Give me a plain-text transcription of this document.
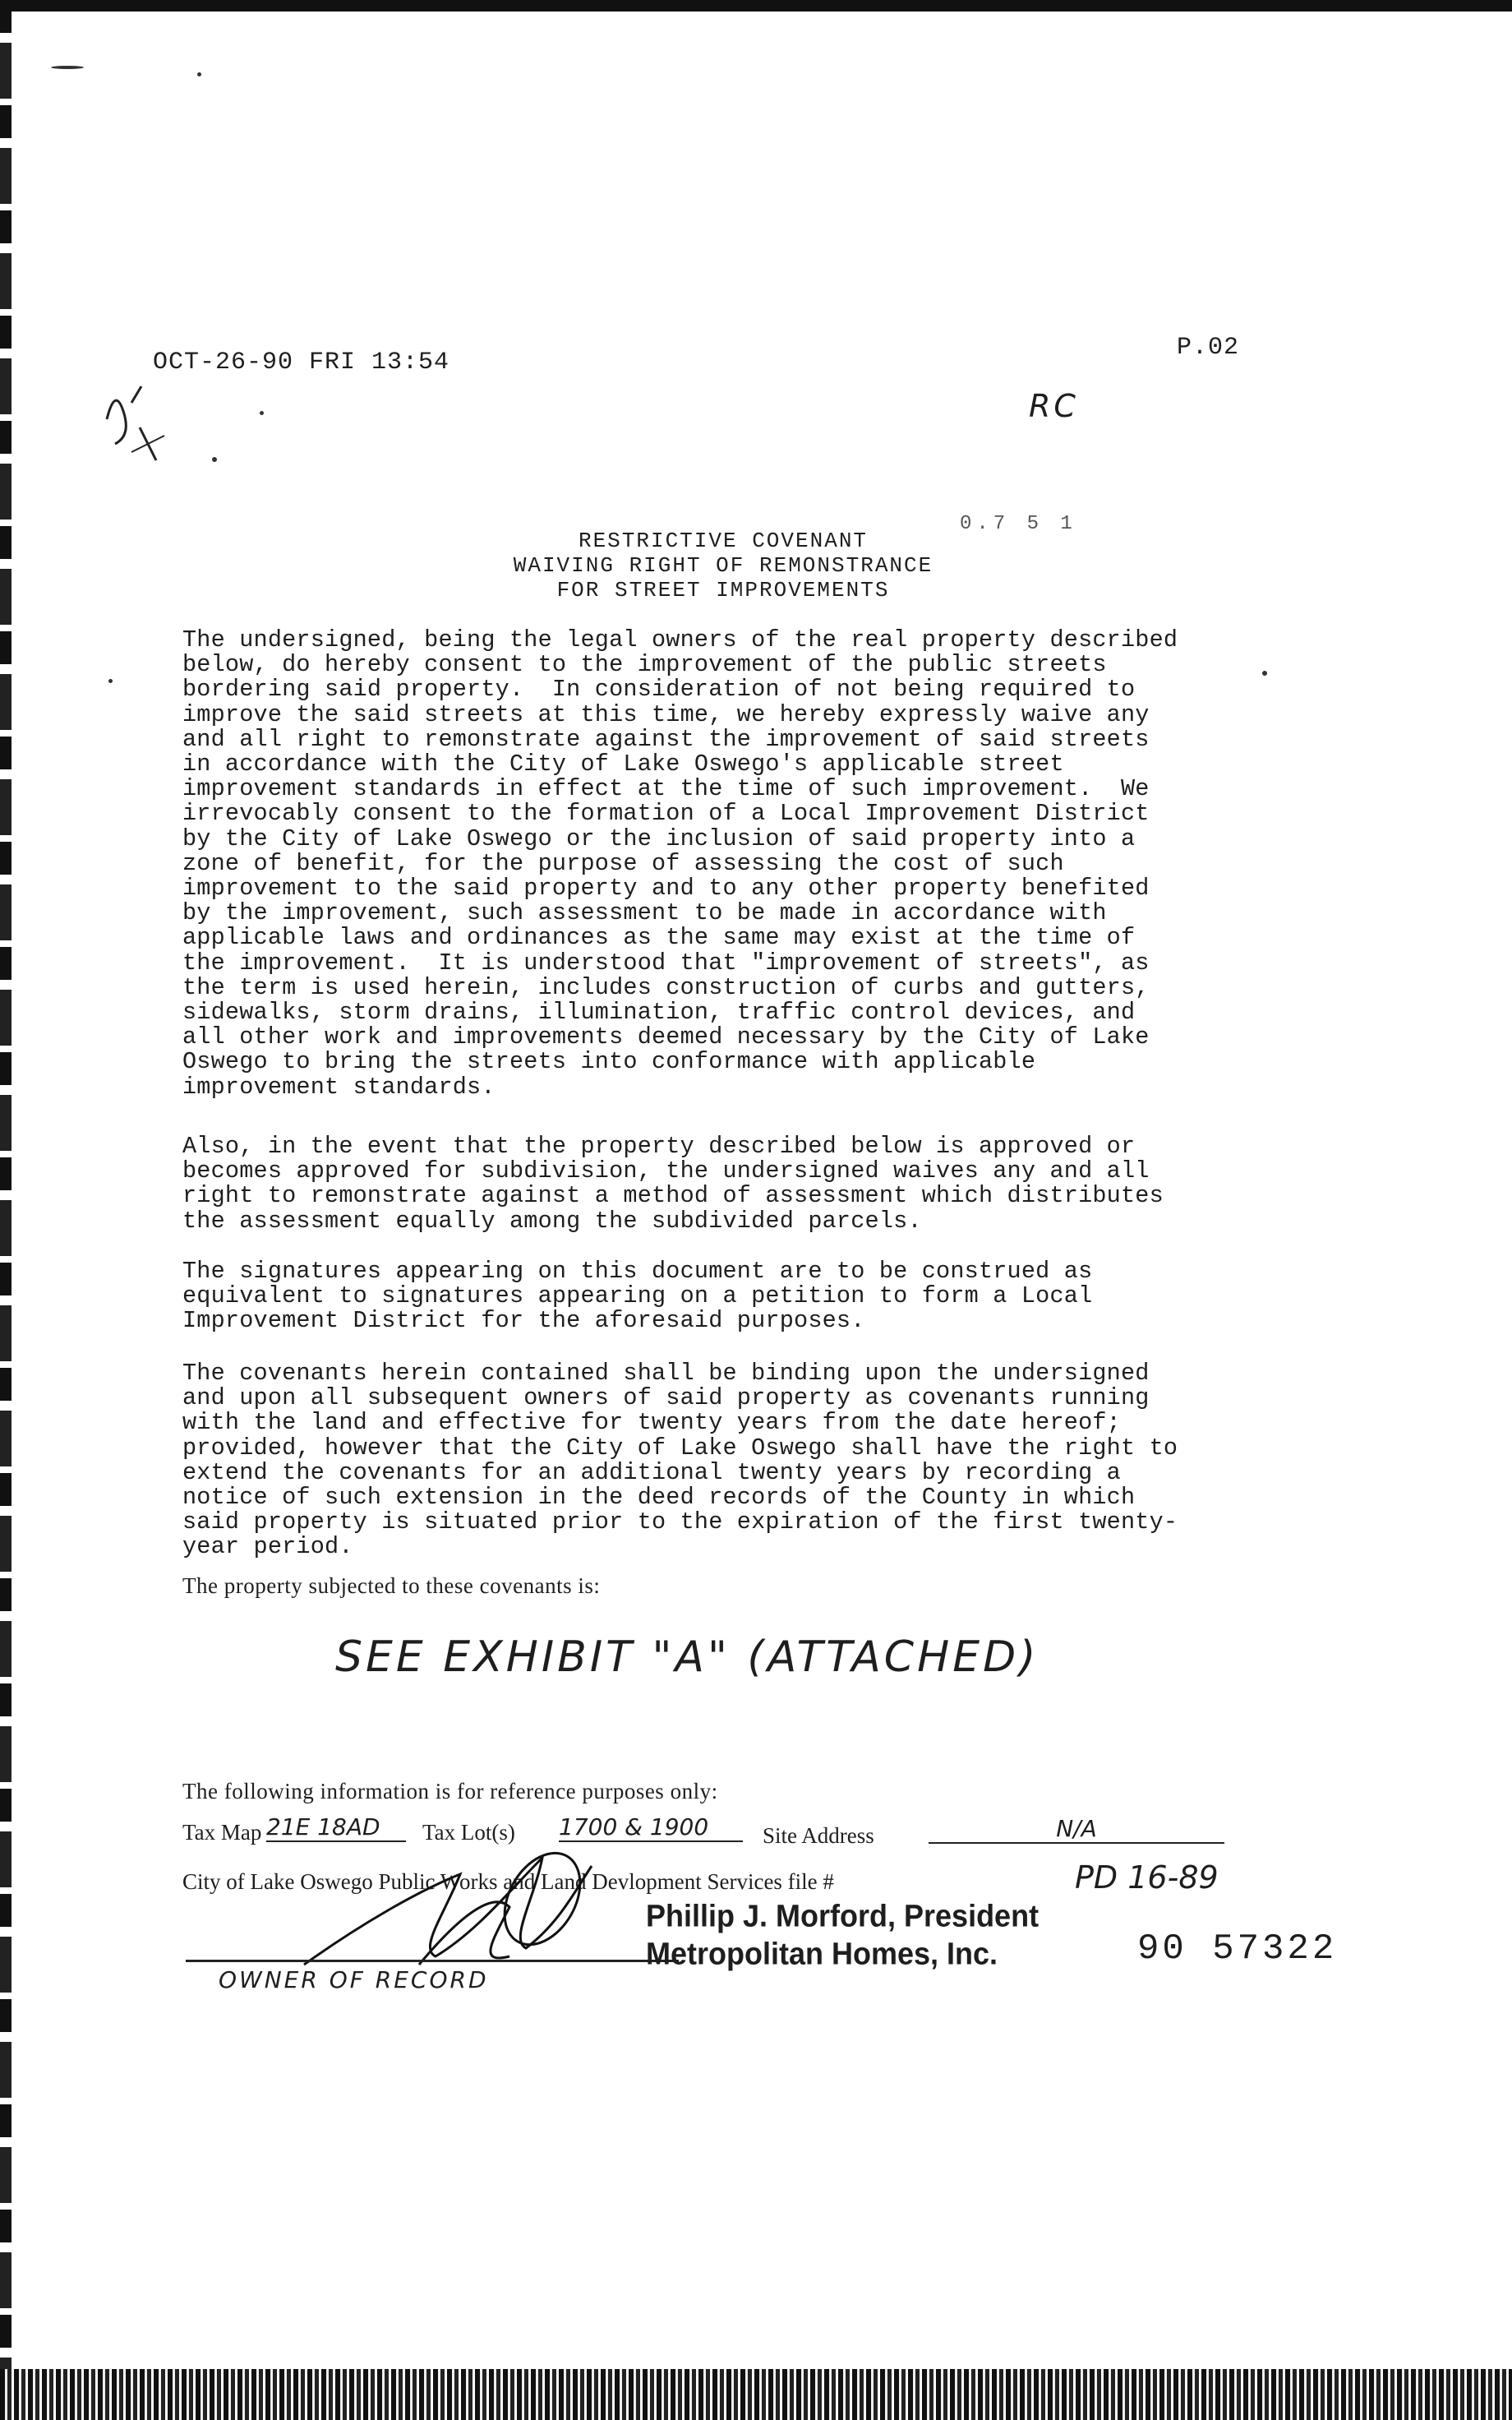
OCT-26-90 FRI 13:54
P.02
RC
0.7 5 1
RESTRICTIVE COVENANT
WAIVING RIGHT OF REMONSTRANCE
FOR STREET IMPROVEMENTS
The undersigned, being the legal owners of the real property described
below, do hereby consent to the improvement of the public streets
bordering said property.  In consideration of not being required to
improve the said streets at this time, we hereby expressly waive any
and all right to remonstrate against the improvement of said streets
in accordance with the City of Lake Oswego's applicable street
improvement standards in effect at the time of such improvement.  We
irrevocably consent to the formation of a Local Improvement District
by the City of Lake Oswego or the inclusion of said property into a
zone of benefit, for the purpose of assessing the cost of such
improvement to the said property and to any other property benefited
by the improvement, such assessment to be made in accordance with
applicable laws and ordinances as the same may exist at the time of
the improvement.  It is understood that "improvement of streets", as
the term is used herein, includes construction of curbs and gutters,
sidewalks, storm drains, illumination, traffic control devices, and
all other work and improvements deemed necessary by the City of Lake
Oswego to bring the streets into conformance with applicable
improvement standards.
Also, in the event that the property described below is approved or
becomes approved for subdivision, the undersigned waives any and all
right to remonstrate against a method of assessment which distributes
the assessment equally among the subdivided parcels.
The signatures appearing on this document are to be construed as
equivalent to signatures appearing on a petition to form a Local
Improvement District for the aforesaid purposes.
The covenants herein contained shall be binding upon the undersigned
and upon all subsequent owners of said property as covenants running
with the land and effective for twenty years from the date hereof;
provided, however that the City of Lake Oswego shall have the right to
extend the covenants for an additional twenty years by recording a
notice of such extension in the deed records of the County in which
said property is situated prior to the expiration of the first twenty-
year period.
The property subjected to these covenants is:
SEE EXHIBIT "A" (ATTACHED)
The following information is for reference purposes only:
Tax Map 21E 18AD	Tax Lot(s) 1700 & 1900	Site Address	N/A
City of Lake Oswego Public Works and Land Devlopment Services file #	PD 16-89
Phillip J. Morford, President
Metropolitan Homes, Inc.
OWNER OF RECORD
90 57322
